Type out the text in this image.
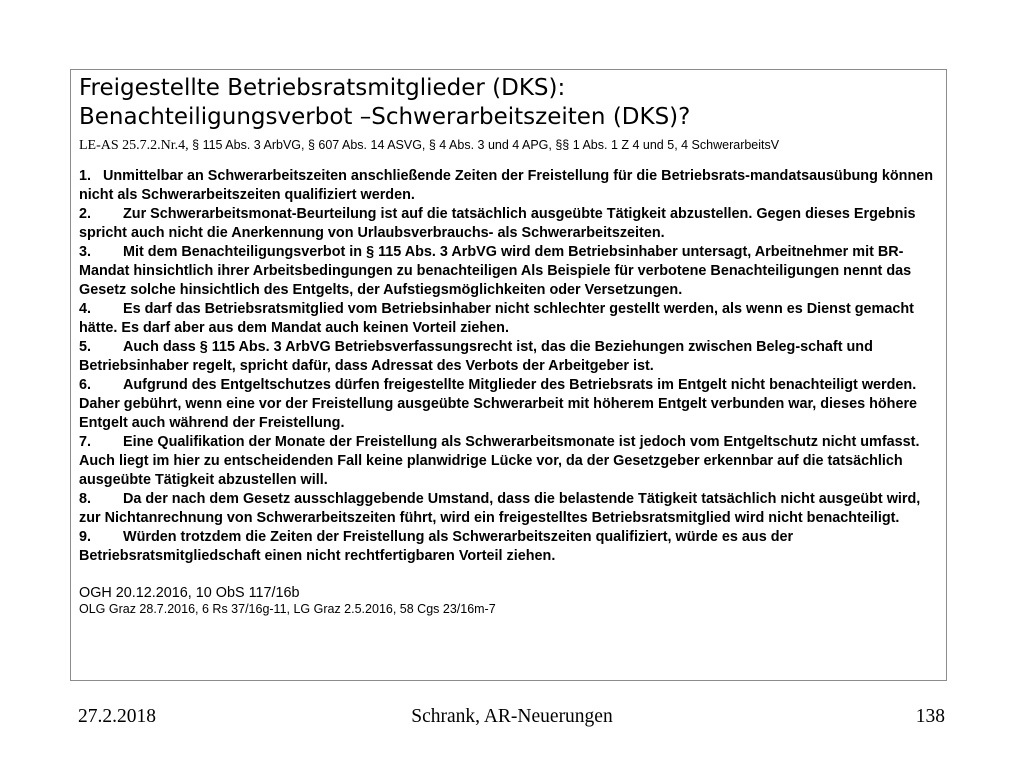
Freigestellte Betriebsratsmitglieder (DKS):
Benachteiligungsverbot –Schwerarbeitszeiten (DKS)?
LE-AS 25.7.2.Nr.4, § 115 Abs. 3 ArbVG, § 607 Abs. 14 ASVG, § 4 Abs. 3 und 4 APG, §§ 1 Abs. 1 Z 4 und 5, 4 SchwerarbeitsV
1. Unmittelbar an Schwerarbeitszeiten anschließende Zeiten der Freistellung für die Betriebsrats-mandatsausübung können nicht als Schwerarbeitszeiten qualifiziert werden.
2. Zur Schwerarbeitsmonat-Beurteilung ist auf die tatsächlich ausgeübte Tätigkeit abzustellen. Gegen dieses Ergebnis spricht auch nicht die Anerkennung von Urlaubsverbrauchs- als Schwerarbeitszeiten.
3. Mit dem Benachteiligungsverbot in § 115 Abs. 3 ArbVG wird dem Betriebsinhaber untersagt, Arbeitnehmer mit BR-Mandat hinsichtlich ihrer Arbeitsbedingungen zu benachteiligen Als Beispiele für verbotene Benachteiligungen nennt das Gesetz solche hinsichtlich des Entgelts, der Aufstiegsmöglichkeiten oder Versetzungen.
4. Es darf das Betriebsratsmitglied vom Betriebsinhaber nicht schlechter gestellt werden, als wenn es Dienst gemacht hätte. Es darf aber aus dem Mandat auch keinen Vorteil ziehen.
5. Auch dass § 115 Abs. 3 ArbVG Betriebsverfassungsrecht ist, das die Beziehungen zwischen Beleg-schaft und Betriebsinhaber regelt, spricht dafür, dass Adressat des Verbots der Arbeitgeber ist.
6. Aufgrund des Entgeltschutzes dürfen freigestellte Mitglieder des Betriebsrats im Entgelt nicht benachteiligt werden. Daher gebührt, wenn eine vor der Freistellung ausgeübte Schwerarbeit mit höherem Entgelt verbunden war, dieses höhere Entgelt auch während der Freistellung.
7. Eine Qualifikation der Monate der Freistellung als Schwerarbeitsmonate ist jedoch vom Entgeltschutz nicht umfasst. Auch liegt im hier zu entscheidenden Fall keine planwidrige Lücke vor, da der Gesetzgeber erkennbar auf die tatsächlich ausgeübte Tätigkeit abzustellen will.
8. Da der nach dem Gesetz ausschlaggebende Umstand, dass die belastende Tätigkeit tatsächlich nicht ausgeübt wird, zur Nichtanrechnung von Schwerarbeitszeiten führt, wird ein freigestelltes Betriebsratsmitglied wird nicht benachteiligt.
9. Würden trotzdem die Zeiten der Freistellung als Schwerarbeitszeiten qualifiziert, würde es aus der Betriebsratsmitgliedschaft einen nicht rechtfertigbaren Vorteil ziehen.
OGH 20.12.2016, 10 ObS 117/16b
OLG Graz 28.7.2016, 6 Rs 37/16g-11, LG Graz 2.5.2016, 58 Cgs 23/16m-7
27.2.2018	Schrank, AR-Neuerungen	138
